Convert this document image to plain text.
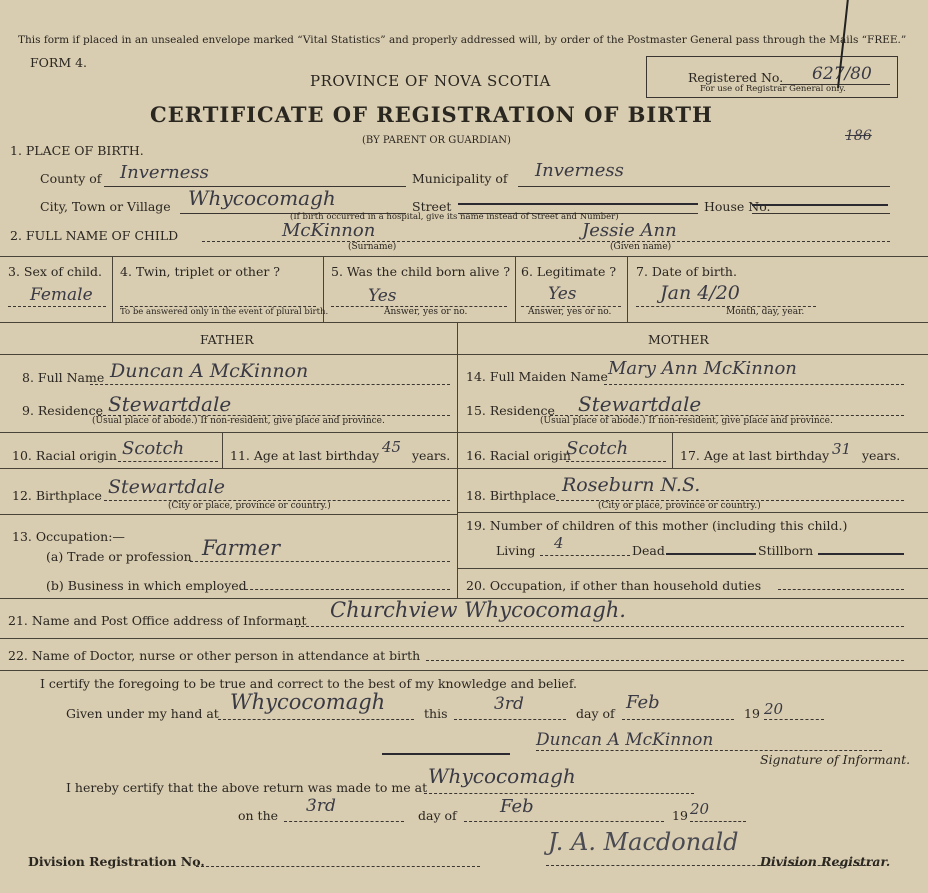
This form if placed in an unsealed envelope marked “Vital Statistics” and properly addressed will, by order of the Postmaster General pass through the Mails “FREE.”
FORM 4.
PROVINCE OF NOVA SCOTIA
CERTIFICATE OF REGISTRATION OF BIRTH
(BY PARENT OR GUARDIAN)
Registered No. 627/80
For use of Registrar General only.
186
1. PLACE OF BIRTH.
County of Inverness	Municipality of Inverness
City, Town or Village Whycocomagh	Street	House No.
(If birth occurred in a hospital, give its name instead of Street and Number)
2. FULL NAME OF CHILD	McKinnon
(Surname)
Jessie Ann
(Given name)
3. Sex of child.
Female
4. Twin, triplet or other ?
To be answered only in the event of plural birth.
5. Was the child born alive ?
Yes
Answer, yes or no.
6. Legitimate ?
Yes
Answer, yes or no.
7. Date of birth.
Jan 4/20
Month, day, year.
FATHER	MOTHER
8. Full Name Duncan A McKinnon
9. Residence Stewartdale
(Usual place of abode.) If non-resident, give place and province.
10. Racial origin Scotch	11. Age at last birthday 45 years.
12. Birthplace Stewartdale
(City or place, province or country.)
13. Occupation:—
(a) Trade or profession Farmer
(b) Business in which employed
14. Full Maiden Name Mary Ann McKinnon
15. Residence Stewartdale
(Usual place of abode.) If non-resident, give place and province.
16. Racial origin
Scotch	17. Age at last birthday 31 years.
18. Birthplace Roseburn N.S.
(City or place, province or country.)
19. Number of children of this mother (including this child.)
Living 4	Dead	Stillborn
20. Occupation, if other than household duties
21. Name and Post Office address of Informant Churchview Whycocomagh.
22. Name of Doctor, nurse or other person in attendance at birth
I certify the foregoing to be true and correct to the best of my knowledge and belief.
Given under my hand at Whycocomagh	this	3rd	day of
Feb
19 20
Duncan A McKinnon
Signature of Informant.
I hereby certify that the above return was made to me at Whycocomagh
on the 3rd	day of Feb	19 20
Division Registration No.
J. A. Macdonald
Division Registrar.
